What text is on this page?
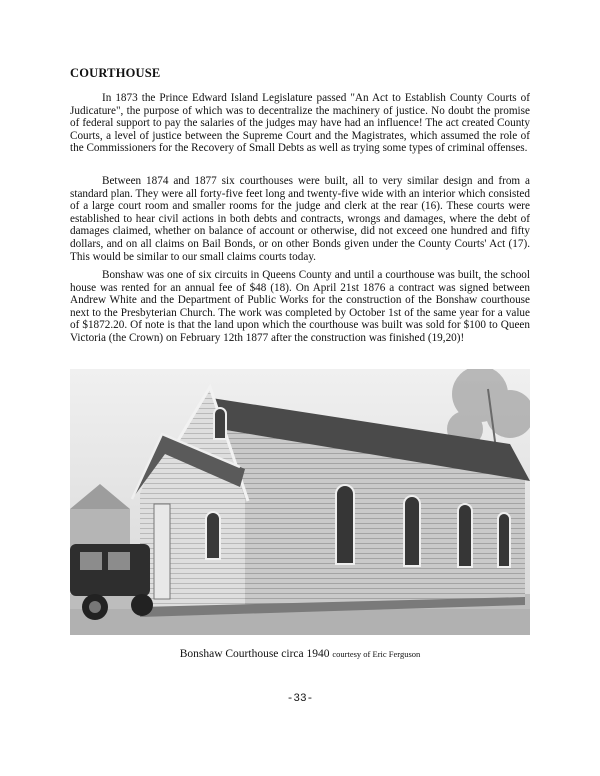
COURTHOUSE

In 1873 the Prince Edward Island Legislature passed "An Act to Establish County Courts of Judicature", the purpose of which was to decentralize the machinery of justice. No doubt the promise of federal support to pay the salaries of the judges may have had an influence! The act created County Courts, a level of justice between the Supreme Court and the Magistrates, which assumed the role of the Commissioners for the Recovery of Small Debts as well as trying some types of criminal offenses.

Between 1874 and 1877 six courthouses were built, all to very similar design and from a standard plan. They were all forty-five feet long and twenty-five wide with an interior which consisted of a large court room and smaller rooms for the judge and clerk at the rear (16). These courts were established to hear civil actions in both debts and contracts, wrongs and damages, where the debt of damages claimed, whether on balance of account or otherwise, did not exceed one hundred and fifty dollars, and on all claims on Bail Bonds, or on other Bonds given under the County Courts' Act (17). This would be similar to our small claims courts today.

Bonshaw was one of six circuits in Queens County and until a courthouse was built, the school house was rented for an annual fee of $48 (18). On April 21st 1876 a contract was signed between Andrew White and the Department of Public Works for the construction of the Bonshaw courthouse next to the Presbyterian Church. The work was completed by October 1st of the same year for a value of $1872.20. Of note is that the land upon which the courthouse was built was sold for $100 to Queen Victoria (the Crown) on February 12th 1877 after the construction was finished (19,20)!

Bonshaw Courthouse circa 1940 courtesy of Eric Ferguson
-33-
